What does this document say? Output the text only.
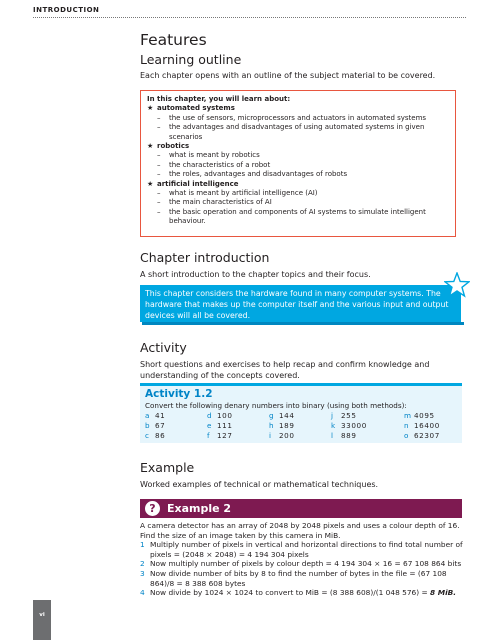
INTRODUCTION
Features
Learning outline
Each chapter opens with an outline of the subject material to be covered.
In this chapter, you will learn about:
★ automated systems
–	the use of sensors, microprocessors and actuators in automated systems
–	the advantages and disadvantages of using automated systems in given scenarios
★ robotics
–	what is meant by robotics
–	the characteristics of a robot
–	the roles, advantages and disadvantages of robots
★ artificial intelligence
–	what is meant by artificial intelligence (AI)
–	the main characteristics of AI
–	the basic operation and components of AI systems to simulate intelligent behaviour.
Chapter introduction
A short introduction to the chapter topics and their focus.
This chapter considers the hardware found in many computer systems. The hardware that makes up the computer itself and the various input and output devices will all be covered.
Activity
Short questions and exercises to help recap and confirm knowledge and understanding of the concepts covered.
Activity 1.2
Convert the following denary numbers into binary (using both methods):
a 41	d 100	g 144	j 255	m 4095
b 67	e 111	h 189	k 33000	n 16400
c 86	f 127	i 200	l 889	o 62307
Example
Worked examples of technical or mathematical techniques.
?	Example 2
A camera detector has an array of 2048 by 2048 pixels and uses a colour depth of 16. Find the size of an image taken by this camera in MiB.
1 Multiply number of pixels in vertical and horizontal directions to find total number of pixels = (2048 × 2048) = 4 194 304 pixels
2 Now multiply number of pixels by colour depth = 4 194 304 × 16 = 67 108 864 bits
3 Now divide number of bits by 8 to find the number of bytes in the file = (67 108 864)/8 = 8 388 608 bytes
4 Now divide by 1024 × 1024 to convert to MiB = (8 388 608)/(1 048 576) = 8 MiB.
vi
